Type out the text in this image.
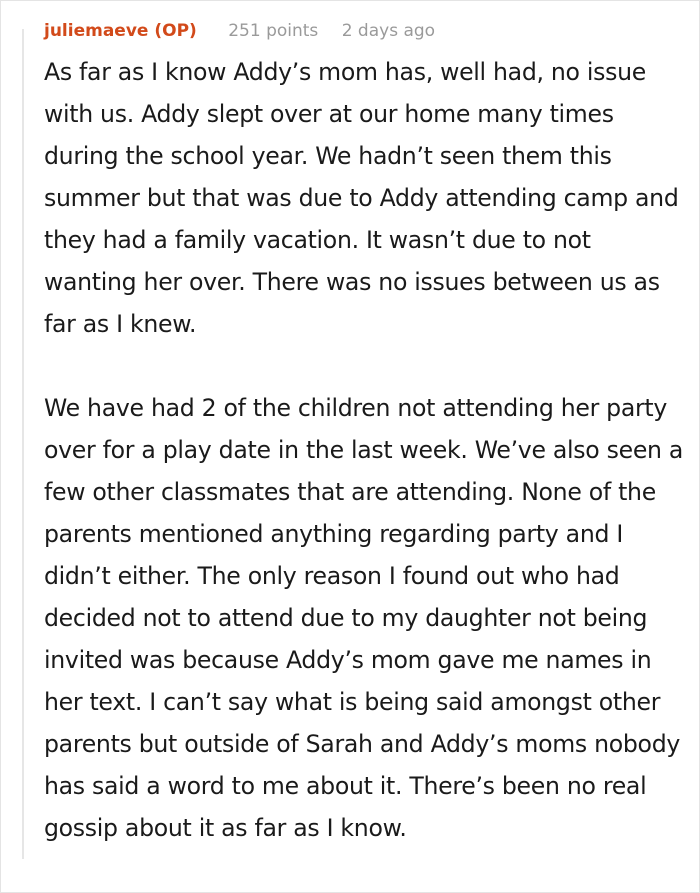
juliemaeve (OP) 251 points 2 days ago

As far as I know Addy’s mom has, well had, no issue with us. Addy slept over at our home many times during the school year. We hadn’t seen them this summer but that was due to Addy attending camp and they had a family vacation. It wasn’t due to not wanting her over. There was no issues between us as far as I knew.

We have had 2 of the children not attending her party over for a play date in the last week. We’ve also seen a few other classmates that are attending. None of the parents mentioned anything regarding party and I didn’t either. The only reason I found out who had decided not to attend due to my daughter not being invited was because Addy’s mom gave me names in her text. I can’t say what is being said amongst other parents but outside of Sarah and Addy’s moms nobody has said a word to me about it. There’s been no real gossip about it as far as I know.
